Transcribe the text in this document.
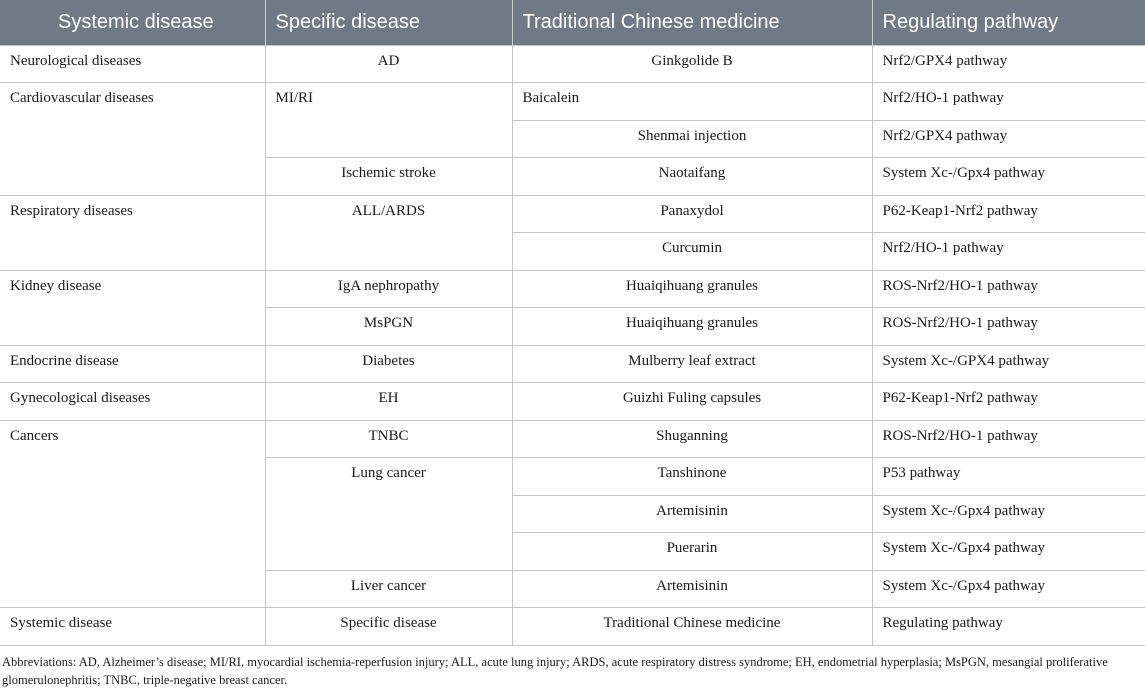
Systemic disease	Specific disease	Traditional Chinese medicine	Regulating pathway
Neurological diseases	AD	Ginkgolide B	Nrf2/GPX4 pathway
Cardiovascular diseases	MI/RI	Baicalein	Nrf2/HO-1 pathway
		Shenmai injection	Nrf2/GPX4 pathway
	Ischemic stroke	Naotaifang	System Xc-/Gpx4 pathway
Respiratory diseases	ALL/ARDS	Panaxydol	P62-Keap1-Nrf2 pathway
		Curcumin	Nrf2/HO-1 pathway
Kidney disease	IgA nephropathy	Huaiqihuang granules	ROS-Nrf2/HO-1 pathway
	MsPGN	Huaiqihuang granules	ROS-Nrf2/HO-1 pathway
Endocrine disease	Diabetes	Mulberry leaf extract	System Xc-/GPX4 pathway
Gynecological diseases	EH	Guizhi Fuling capsules	P62-Keap1-Nrf2 pathway
Cancers	TNBC	Shuganning	ROS-Nrf2/HO-1 pathway
	Lung cancer	Tanshinone	P53 pathway
		Artemisinin	System Xc-/Gpx4 pathway
		Puerarin	System Xc-/Gpx4 pathway
	Liver cancer	Artemisinin	System Xc-/Gpx4 pathway
Systemic disease	Specific disease	Traditional Chinese medicine	Regulating pathway
Abbreviations: AD, Alzheimer’s disease; MI/RI, myocardial ischemia-reperfusion injury; ALL, acute lung injury; ARDS, acute respiratory distress syndrome; EH, endometrial hyperplasia; MsPGN, mesangial proliferative glomerulonephritis; TNBC, triple-negative breast cancer.
